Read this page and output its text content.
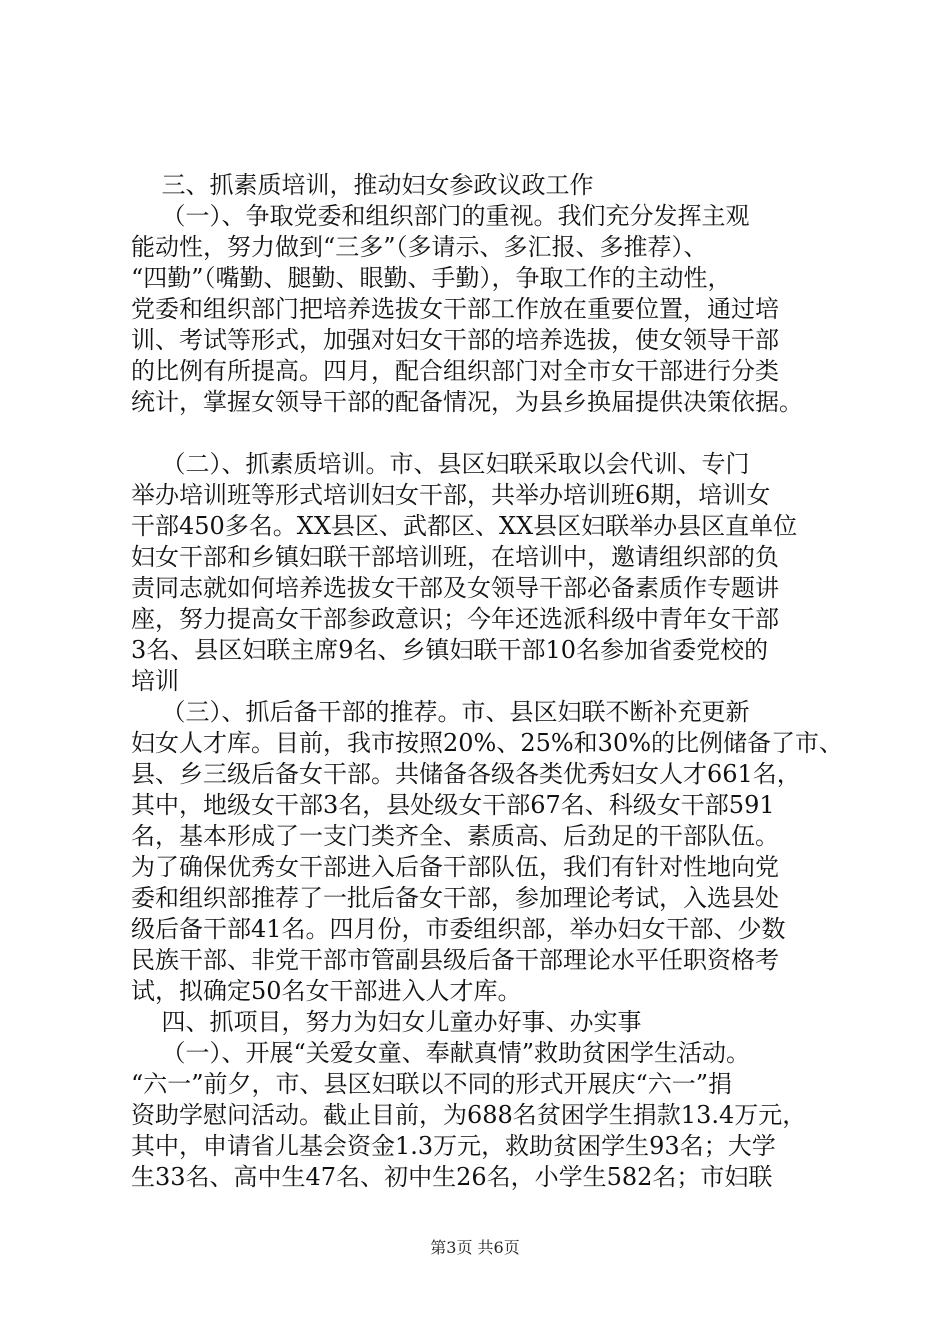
三、抓素质培训，推动妇女参政议政工作
（一）、争取党委和组织部门的重视。我们充分发挥主观
能动性，努力做到“三多”（多请示、多汇报、多推荐）、
“四勤”（嘴勤、腿勤、眼勤、手勤），争取工作的主动性，
党委和组织部门把培养选拔女干部工作放在重要位置，通过培
训、考试等形式，加强对妇女干部的培养选拔，使女领导干部
的比例有所提高。四月，配合组织部门对全市女干部进行分类
统计，掌握女领导干部的配备情况，为县乡换届提供决策依据。
（二）、抓素质培训。市、县区妇联采取以会代训、专门
举办培训班等形式培训妇女干部，共举办培训班6期，培训女
干部450多名。XX县区、武都区、XX县区妇联举办县区直单位
妇女干部和乡镇妇联干部培训班，在培训中，邀请组织部的负
责同志就如何培养选拔女干部及女领导干部必备素质作专题讲
座，努力提高女干部参政意识；今年还选派科级中青年女干部
3名、县区妇联主席9名、乡镇妇联干部10名参加省委党校的
培训
（三）、抓后备干部的推荐。市、县区妇联不断补充更新
妇女人才库。目前，我市按照20%、25%和30%的比例储备了市、
县、乡三级后备女干部。共储备各级各类优秀妇女人才661名，
其中，地级女干部3名，县处级女干部67名、科级女干部591
名，基本形成了一支门类齐全、素质高、后劲足的干部队伍。
为了确保优秀女干部进入后备干部队伍，我们有针对性地向党
委和组织部推荐了一批后备女干部，参加理论考试，入选县处
级后备干部41名。四月份，市委组织部，举办妇女干部、少数
民族干部、非党干部市管副县级后备干部理论水平任职资格考
试，拟确定50名女干部进入人才库。
四、抓项目，努力为妇女儿童办好事、办实事
（一）、开展“关爱女童、奉献真情”救助贫困学生活动。
“六一”前夕，市、县区妇联以不同的形式开展庆“六一”捐
资助学慰问活动。截止目前，为688名贫困学生捐款13.4万元，
其中，申请省儿基会资金1.3万元，救助贫困学生93名；大学
生33名、高中生47名、初中生26名，小学生582名；市妇联
第3页 共6页
